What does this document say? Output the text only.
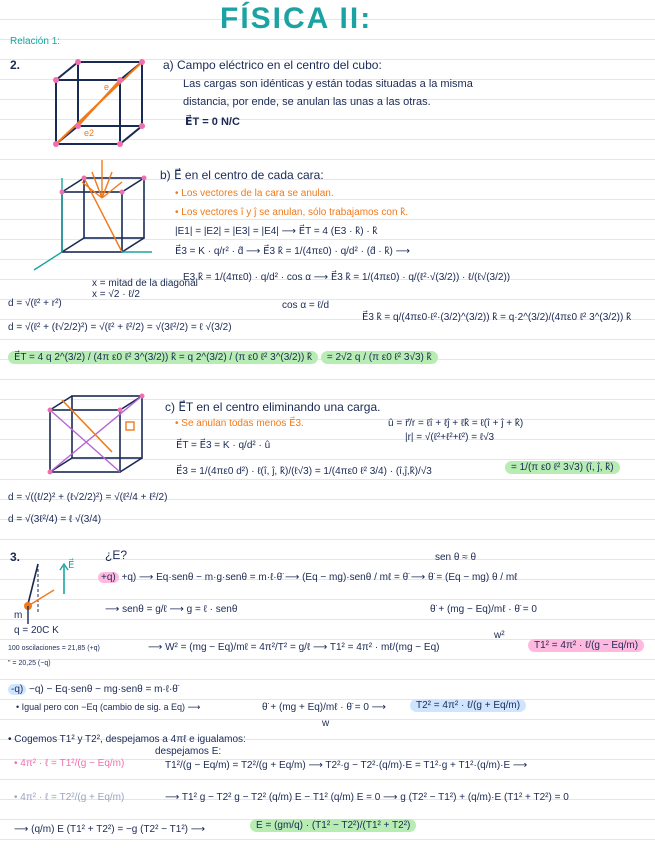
FÍSICA II:
Relación 1:
2.
e
e2
a) Campo eléctrico en el centro del cubo:
Las cargas son idénticas y están todas situadas a la misma
distancia, por ende, se anulan las unas a las otras.
E⃗T = 0 N/C
b) E⃗ en el centro de cada cara:
• Los vectores de la cara se anulan.
• Los vectores î y ĵ se anulan, sólo trabajamos con k̂.
|E1| = |E2| = |E3| = |E4| ⟶ E⃗T = 4 (E3 · k̂) · k̂
E⃗3 = K · q/r² · d̂ ⟶ E⃗3 k̂ = 1/(4πε0) · q/d² · (d̂ · k̂) ⟶
E3 k̂ = 1/(4πε0) · q/d² · cos α ⟶ E⃗3 k̂ = 1/(4πε0) · q/(ℓ²·√(3/2)) · ℓ/(ℓ√(3/2))
cos α = ℓ/d
E⃗3 k̂ = q/(4πε0·ℓ²·(3/2)^(3/2)) k̂ = q·2^(3/2)/(4πε0 ℓ² 3^(3/2)) k̂
x = mitad de la diagonal
x = √2 · ℓ/2
d = √(ℓ² + r²)
d = √(ℓ² + (ℓ√2/2)²) = √(ℓ² + ℓ²/2) = √(3ℓ²/2) = ℓ √(3/2)
E⃗T = 4 q 2^(3/2) / (4π ε0 ℓ² 3^(3/2)) k̂ = q 2^(3/2) / (π ε0 ℓ² 3^(3/2)) k̂ = 2√2 q / (π ε0 ℓ² 3√3) k̂
c) E⃗T en el centro eliminando una carga.
• Se anulan todas menos E⃗3.	û = r⃗/r = ℓî + ℓĵ + ℓk̂ = ℓ(î + ĵ + k̂)
|r| = √(ℓ²+ℓ²+ℓ²) = ℓ√3
E⃗T = E⃗3 = K · q/d² · û
E⃗3 = 1/(4πε0 d²) · ℓ(î, ĵ, k̂)/(ℓ√3) = 1/(4πε0 ℓ² 3/4) · (î,ĵ,k̂)/√3	= 1/(π ε0 ℓ² 3√3) (î, ĵ, k̂)
d = √((ℓ/2)² + (ℓ√2/2)²) = √(ℓ²/4 + ℓ²/2)
d = √(3ℓ²/4) = ℓ √(3/4)
3.	¿E?	sen θ ≈ θ
E⃗
m
q = 20C K
+q) +q) ⟶ Eq·senθ − m·g·senθ = m·ℓ·θ̈ ⟶ (Eq − mg)·senθ / mℓ = θ̈ ⟶ θ̈ = (Eq − mg) θ / mℓ
⟶ senθ = g/ℓ ⟶ g = ℓ · senθ	θ̈ + (mg − Eq)/mℓ · θ̈ = 0
w²
⟶ W² = (mg − Eq)/mℓ = 4π²/T² = g/ℓ ⟶ T1² = 4π² · mℓ/(mg − Eq)	T1² = 4π² · ℓ/(g − Eq/m)
100 oscilaciones = 21,85 (+q)
" = 20,25 (−q)
-q) −q) − Eq·senθ − mg·senθ = m·ℓ·θ̈
• Igual pero con −Eq (cambio de sig. a Eq) ⟶	θ̈ + (mg + Eq)/mℓ · θ̈ = 0 ⟶
w
T2² = 4π² · ℓ/(g + Eq/m)
• Cogemos T1² y T2², despejamos a 4πℓ e igualamos:
despejamos E:
• 4π² · ℓ = T1²/(g − Eq/m)
• 4π² · ℓ = T2²/(g + Eq/m)
T1²/(g − Eq/m) = T2²/(g + Eq/m) ⟶ T2²·g − T2²·(q/m)·E = T1²·g + T1²·(q/m)·E ⟶
⟶ T1² g − T2² g − T2² (q/m) E − T1² (q/m) E = 0 ⟶ g (T2² − T1²) + (q/m)·E (T1² + T2²) = 0
⟶ (q/m) E (T1² + T2²) = −g (T2² − T1²) ⟶	E = (gm/q) · (T1² − T2²)/(T1² + T2²)
